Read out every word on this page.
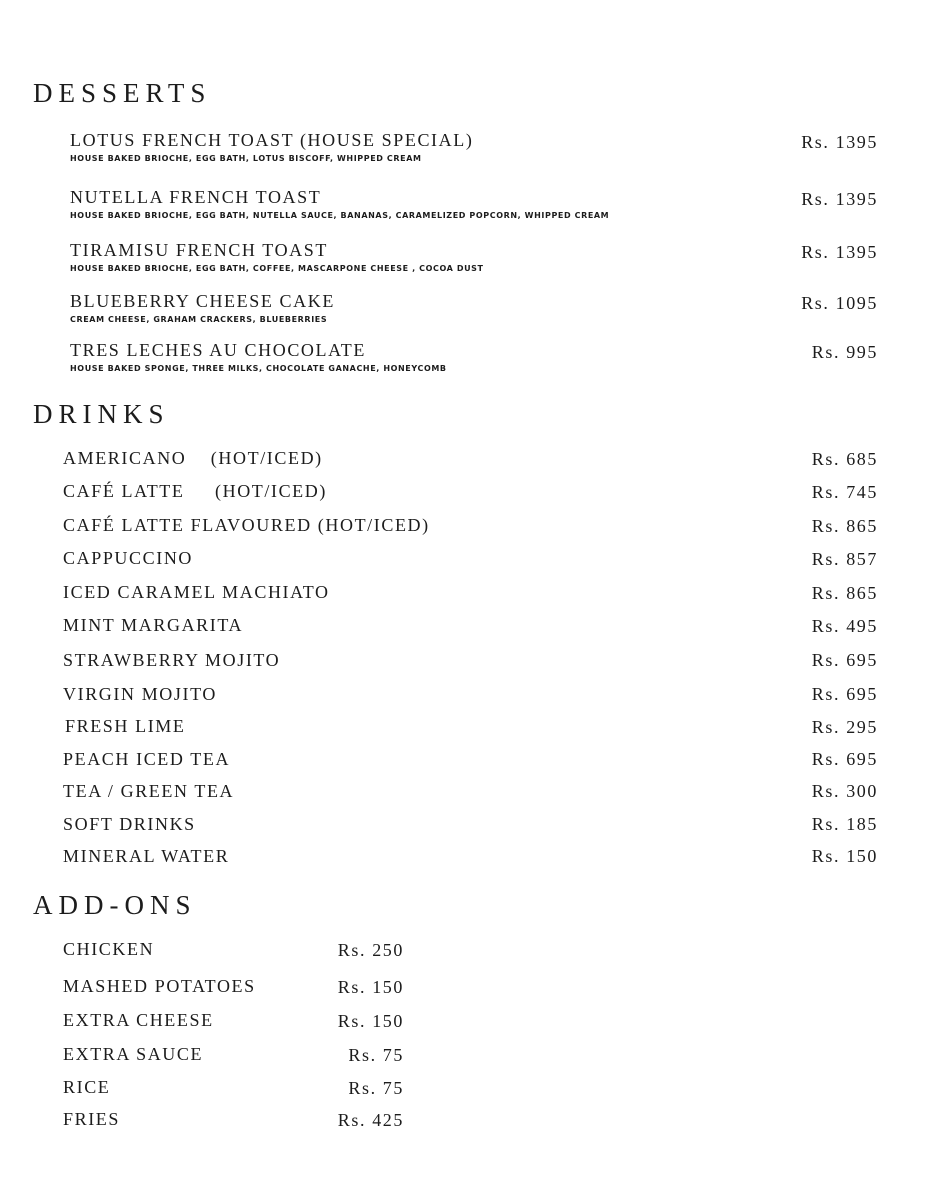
DESSERTS
LOTUS FRENCH TOAST (HOUSE SPECIAL)
HOUSE BAKED BRIOCHE, EGG BATH, LOTUS BISCOFF, WHIPPED CREAM
Rs. 1395
NUTELLA FRENCH TOAST
HOUSE BAKED BRIOCHE, EGG BATH, NUTELLA SAUCE, BANANAS, CARAMELIZED POPCORN, WHIPPED CREAM
Rs. 1395
TIRAMISU FRENCH TOAST
HOUSE BAKED BRIOCHE, EGG BATH, COFFEE, MASCARPONE CHEESE , COCOA DUST
Rs. 1395
BLUEBERRY CHEESE CAKE
CREAM CHEESE, GRAHAM CRACKERS, BLUEBERRIES
Rs. 1095
TRES LECHES AU CHOCOLATE
HOUSE BAKED SPONGE, THREE MILKS, CHOCOLATE GANACHE, HONEYCOMB
Rs. 995
DRINKS
AMERICANO    (HOT/ICED)	Rs. 685
CAFÉ LATTE     (HOT/ICED)	Rs. 745
CAFÉ LATTE FLAVOURED (HOT/ICED)	Rs. 865
CAPPUCCINO	Rs. 857
ICED CARAMEL MACHIATO	Rs. 865
MINT MARGARITA	Rs. 495
STRAWBERRY MOJITO	Rs. 695
VIRGIN MOJITO	Rs. 695
FRESH LIME	Rs. 295
PEACH ICED TEA	Rs. 695
TEA / GREEN TEA	Rs. 300
SOFT DRINKS	Rs. 185
MINERAL WATER	Rs. 150
ADD-ONS
CHICKEN	Rs. 250
MASHED POTATOES	Rs. 150
EXTRA CHEESE	Rs. 150
EXTRA SAUCE	Rs. 75
RICE	Rs. 75
FRIES	Rs. 425
